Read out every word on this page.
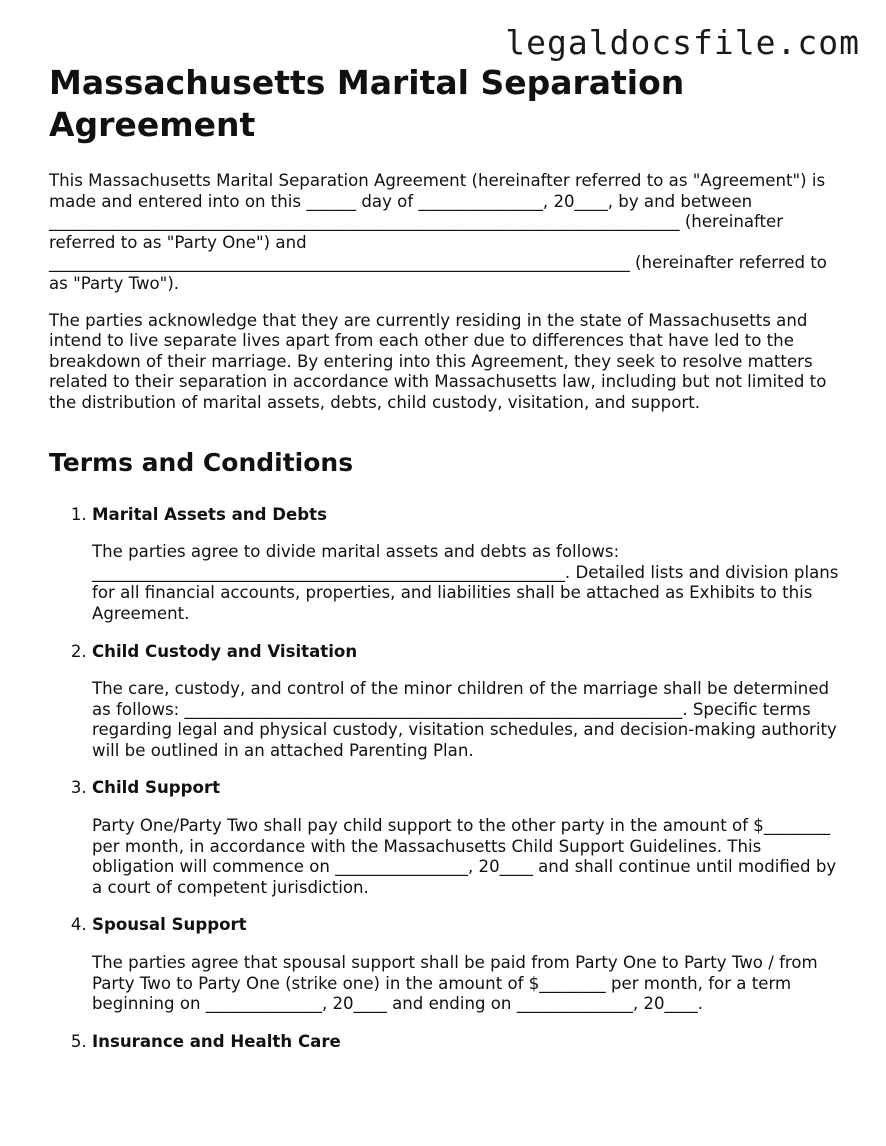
legaldocsfile.com
Massachusetts Marital Separation Agreement

This Massachusetts Marital Separation Agreement (hereinafter referred to as "Agreement") is made and entered into on this ______ day of _______________, 20____, by and between ____________________________________________________________________________ (hereinafter referred to as "Party One") and ______________________________________________________________________ (hereinafter referred to as "Party Two").

The parties acknowledge that they are currently residing in the state of Massachusetts and intend to live separate lives apart from each other due to differences that have led to the breakdown of their marriage. By entering into this Agreement, they seek to resolve matters related to their separation in accordance with Massachusetts law, including but not limited to the distribution of marital assets, debts, child custody, visitation, and support.

Terms and Conditions
1. Marital Assets and Debts
The parties agree to divide marital assets and debts as follows: _________________________________________________________. Detailed lists and division plans for all financial accounts, properties, and liabilities shall be attached as Exhibits to this Agreement.
2. Child Custody and Visitation
The care, custody, and control of the minor children of the marriage shall be determined as follows: ____________________________________________________________. Specific terms regarding legal and physical custody, visitation schedules, and decision-making authority will be outlined in an attached Parenting Plan.
3. Child Support
Party One/Party Two shall pay child support to the other party in the amount of $________ per month, in accordance with the Massachusetts Child Support Guidelines. This obligation will commence on ________________, 20____ and shall continue until modified by a court of competent jurisdiction.
4. Spousal Support
The parties agree that spousal support shall be paid from Party One to Party Two / from Party Two to Party One (strike one) in the amount of $________ per month, for a term beginning on ______________, 20____ and ending on ______________, 20____.
5. Insurance and Health Care
